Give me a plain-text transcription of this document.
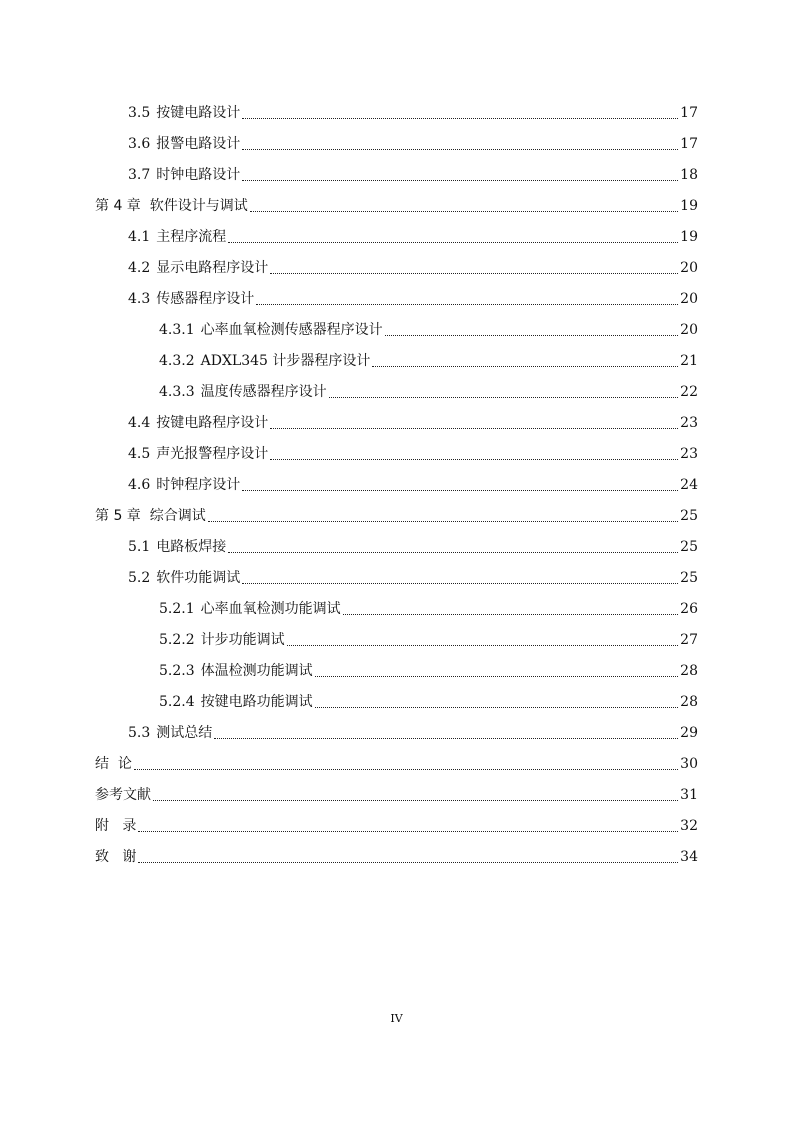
3.5 按键电路设计	17
3.6 报警电路设计	17
3.7 时钟电路设计	18
第 4 章 软件设计与调试	19
4.1 主程序流程	19
4.2 显示电路程序设计	20
4.3 传感器程序设计	20
4.3.1 心率血氧检测传感器程序设计	20
4.3.2 ADXL345 计步器程序设计	21
4.3.3 温度传感器程序设计	22
4.4 按键电路程序设计	23
4.5 声光报警程序设计	23
4.6 时钟程序设计	24
第 5 章 综合调试	25
5.1 电路板焊接	25
5.2 软件功能调试	25
5.2.1 心率血氧检测功能调试	26
5.2.2 计步功能调试	27
5.2.3 体温检测功能调试	28
5.2.4 按键电路功能调试	28
5.3 测试总结	29
结  论	30
参考文献	31
附   录	32
致   谢	34
IV
